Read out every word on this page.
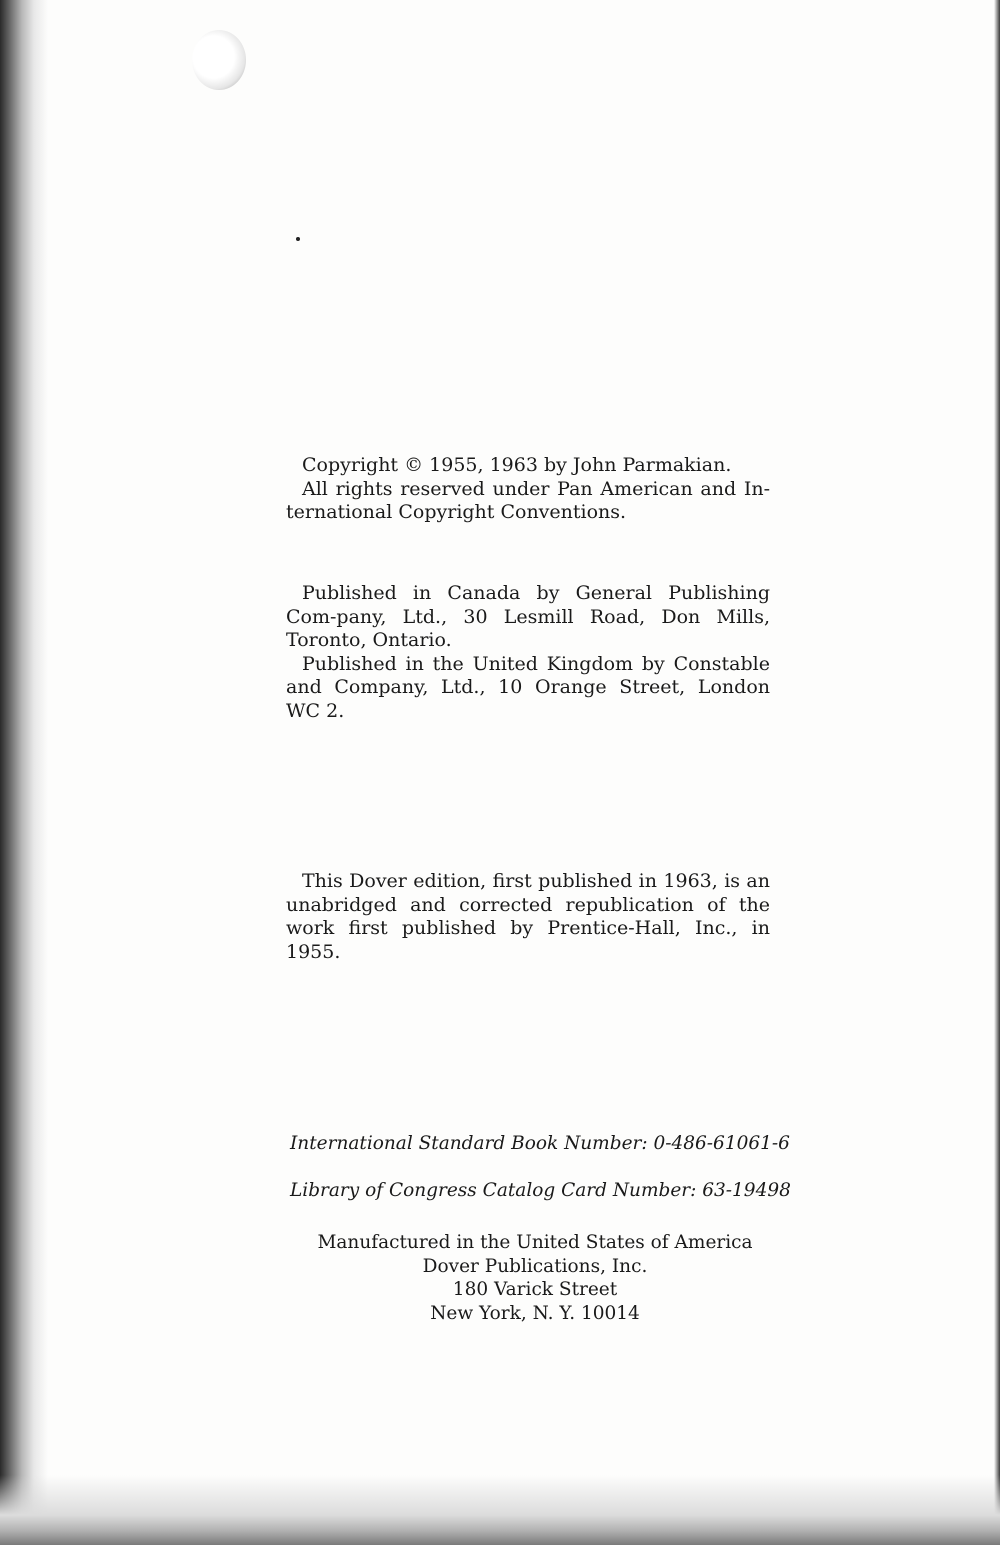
Copyright © 1955, 1963 by John Parmakian.

All rights reserved under Pan American and In-ternational Copyright Conventions.

Published in Canada by General Publishing Com-pany, Ltd., 30 Lesmill Road, Don Mills, Toronto, Ontario.

Published in the United Kingdom by Constable and Company, Ltd., 10 Orange Street, London WC 2.

This Dover edition, first published in 1963, is an unabridged and corrected republication of the work first published by Prentice-Hall, Inc., in 1955.

International Standard Book Number: 0-486-61061-6
Library of Congress Catalog Card Number: 63-19498
Manufactured in the United States of America
Dover Publications, Inc.
180 Varick Street
New York, N. Y. 10014
